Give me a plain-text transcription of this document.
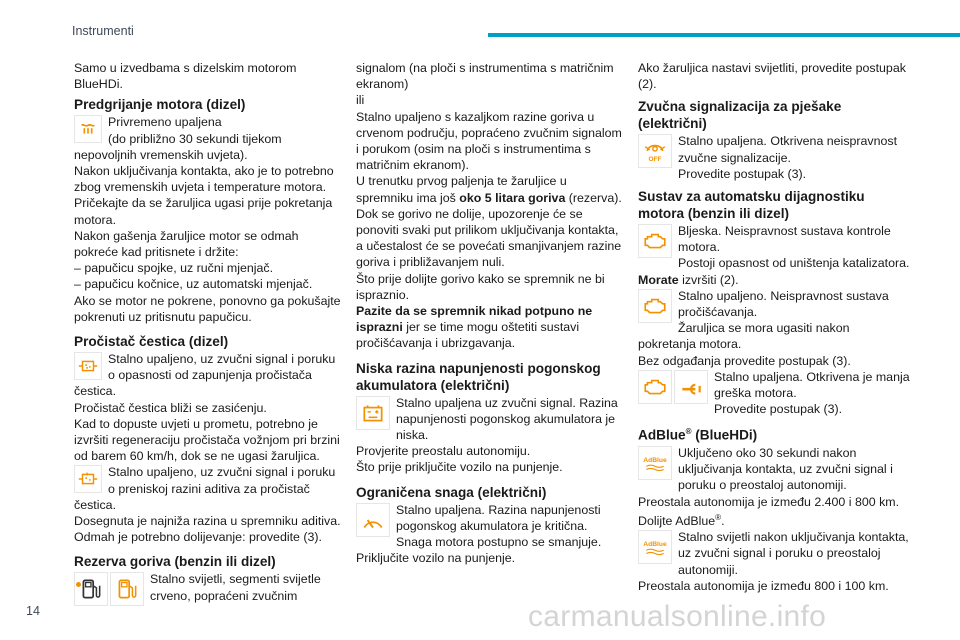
Instrumenti

Samo u izvedbama s dizelskim motorom BlueHDi.

Predgrijanje motora (dizel)

Privremeno upaljena

(do približno 30 sekundi tijekom nepovoljnih vremenskih uvjeta).

Nakon uključivanja kontakta, ako je to potrebno zbog vremenskih uvjeta i temperature motora. Pričekajte da se žaruljica ugasi prije pokretanja motora.

Nakon gašenja žaruljice motor se odmah pokreće kad pritisnete i držite:

– papučicu spojke, uz ručni mjenjač.

– papučicu kočnice, uz automatski mjenjač.

Ako se motor ne pokrene, ponovno ga pokušajte pokrenuti uz pritisnutu papučicu.

Pročistač čestica (dizel)

Stalno upaljeno, uz zvučni signal i poruku o opasnosti od zapunjenja pročistača čestica.

Pročistač čestica bliži se zasićenju.

Kad to dopuste uvjeti u prometu, potrebno je izvršiti regeneraciju pročistača vožnjom pri brzini od barem 60 km/h, dok se ne ugasi žaruljica.

Stalno upaljeno, uz zvučni signal i poruku o preniskoj razini aditiva za pročistač čestica.

Dosegnuta je najniža razina u spremniku aditiva. Odmah je potrebno dolijevanje: provedite (3).

Rezerva goriva (benzin ili dizel)

Stalno svijetli, segmenti svijetle crveno, popraćeni zvučnim

signalom (na ploči s instrumentima s matričnim ekranom)

ili

Stalno upaljeno s kazaljkom razine goriva u crvenom području, popraćeno zvučnim signalom i porukom (osim na ploči s instrumentima s matričnim ekranom).

U trenutku prvog paljenja te žaruljice u spremniku ima još oko 5 litara goriva (rezerva).

Dok se gorivo ne dolije, upozorenje će se ponoviti svaki put prilikom uključivanja kontakta, a učestalost će se povećati smanjivanjem razine goriva i približavanjem nuli.

Što prije dolijte gorivo kako se spremnik ne bi ispraznio.

Pazite da se spremnik nikad potpuno ne isprazni jer se time mogu oštetiti sustavi pročišćavanja i ubrizgavanja.

Niska razina napunjenosti pogonskog akumulatora (električni)

Stalno upaljena uz zvučni signal. Razina napunjenosti pogonskog akumulatora je niska.

Provjerite preostalu autonomiju.

Što prije priključite vozilo na punjenje.

Ograničena snaga (električni)

Stalno upaljena. Razina napunjenosti pogonskog akumulatora je kritična.

Snaga motora postupno se smanjuje.

Priključite vozilo na punjenje.

Ako žaruljica nastavi svijetliti, provedite postupak (2).

Zvučna signalizacija za pješake (električni)
OFF

Stalno upaljena. Otkrivena neispravnost zvučne signalizacije.

Provedite postupak (3).

Sustav za automatsku dijagnostiku motora (benzin ili dizel)

Bljeska. Neispravnost sustava kontrole motora.

Postoji opasnost od uništenja katalizatora.

Morate izvršiti (2).

Stalno upaljeno. Neispravnost sustava pročišćavanja.

Žaruljica se mora ugasiti nakon pokretanja motora.

Bez odgađanja provedite postupak (3).

Stalno upaljena. Otkrivena je manja greška motora.

Provedite postupak (3).

AdBlue® (BlueHDi)
AdBlue

Uključeno oko 30 sekundi nakon uključivanja kontakta, uz zvučni signal i poruku o preostaloj autonomiji.

Preostala autonomija je između 2.400 i 800 km.

Dolijte AdBlue®.

AdBlue

Stalno svijetli nakon uključivanja kontakta, uz zvučni signal i poruku o preostaloj autonomiji.

Preostala autonomija je između 800 i 100 km.

14	carmanualsonline.info
